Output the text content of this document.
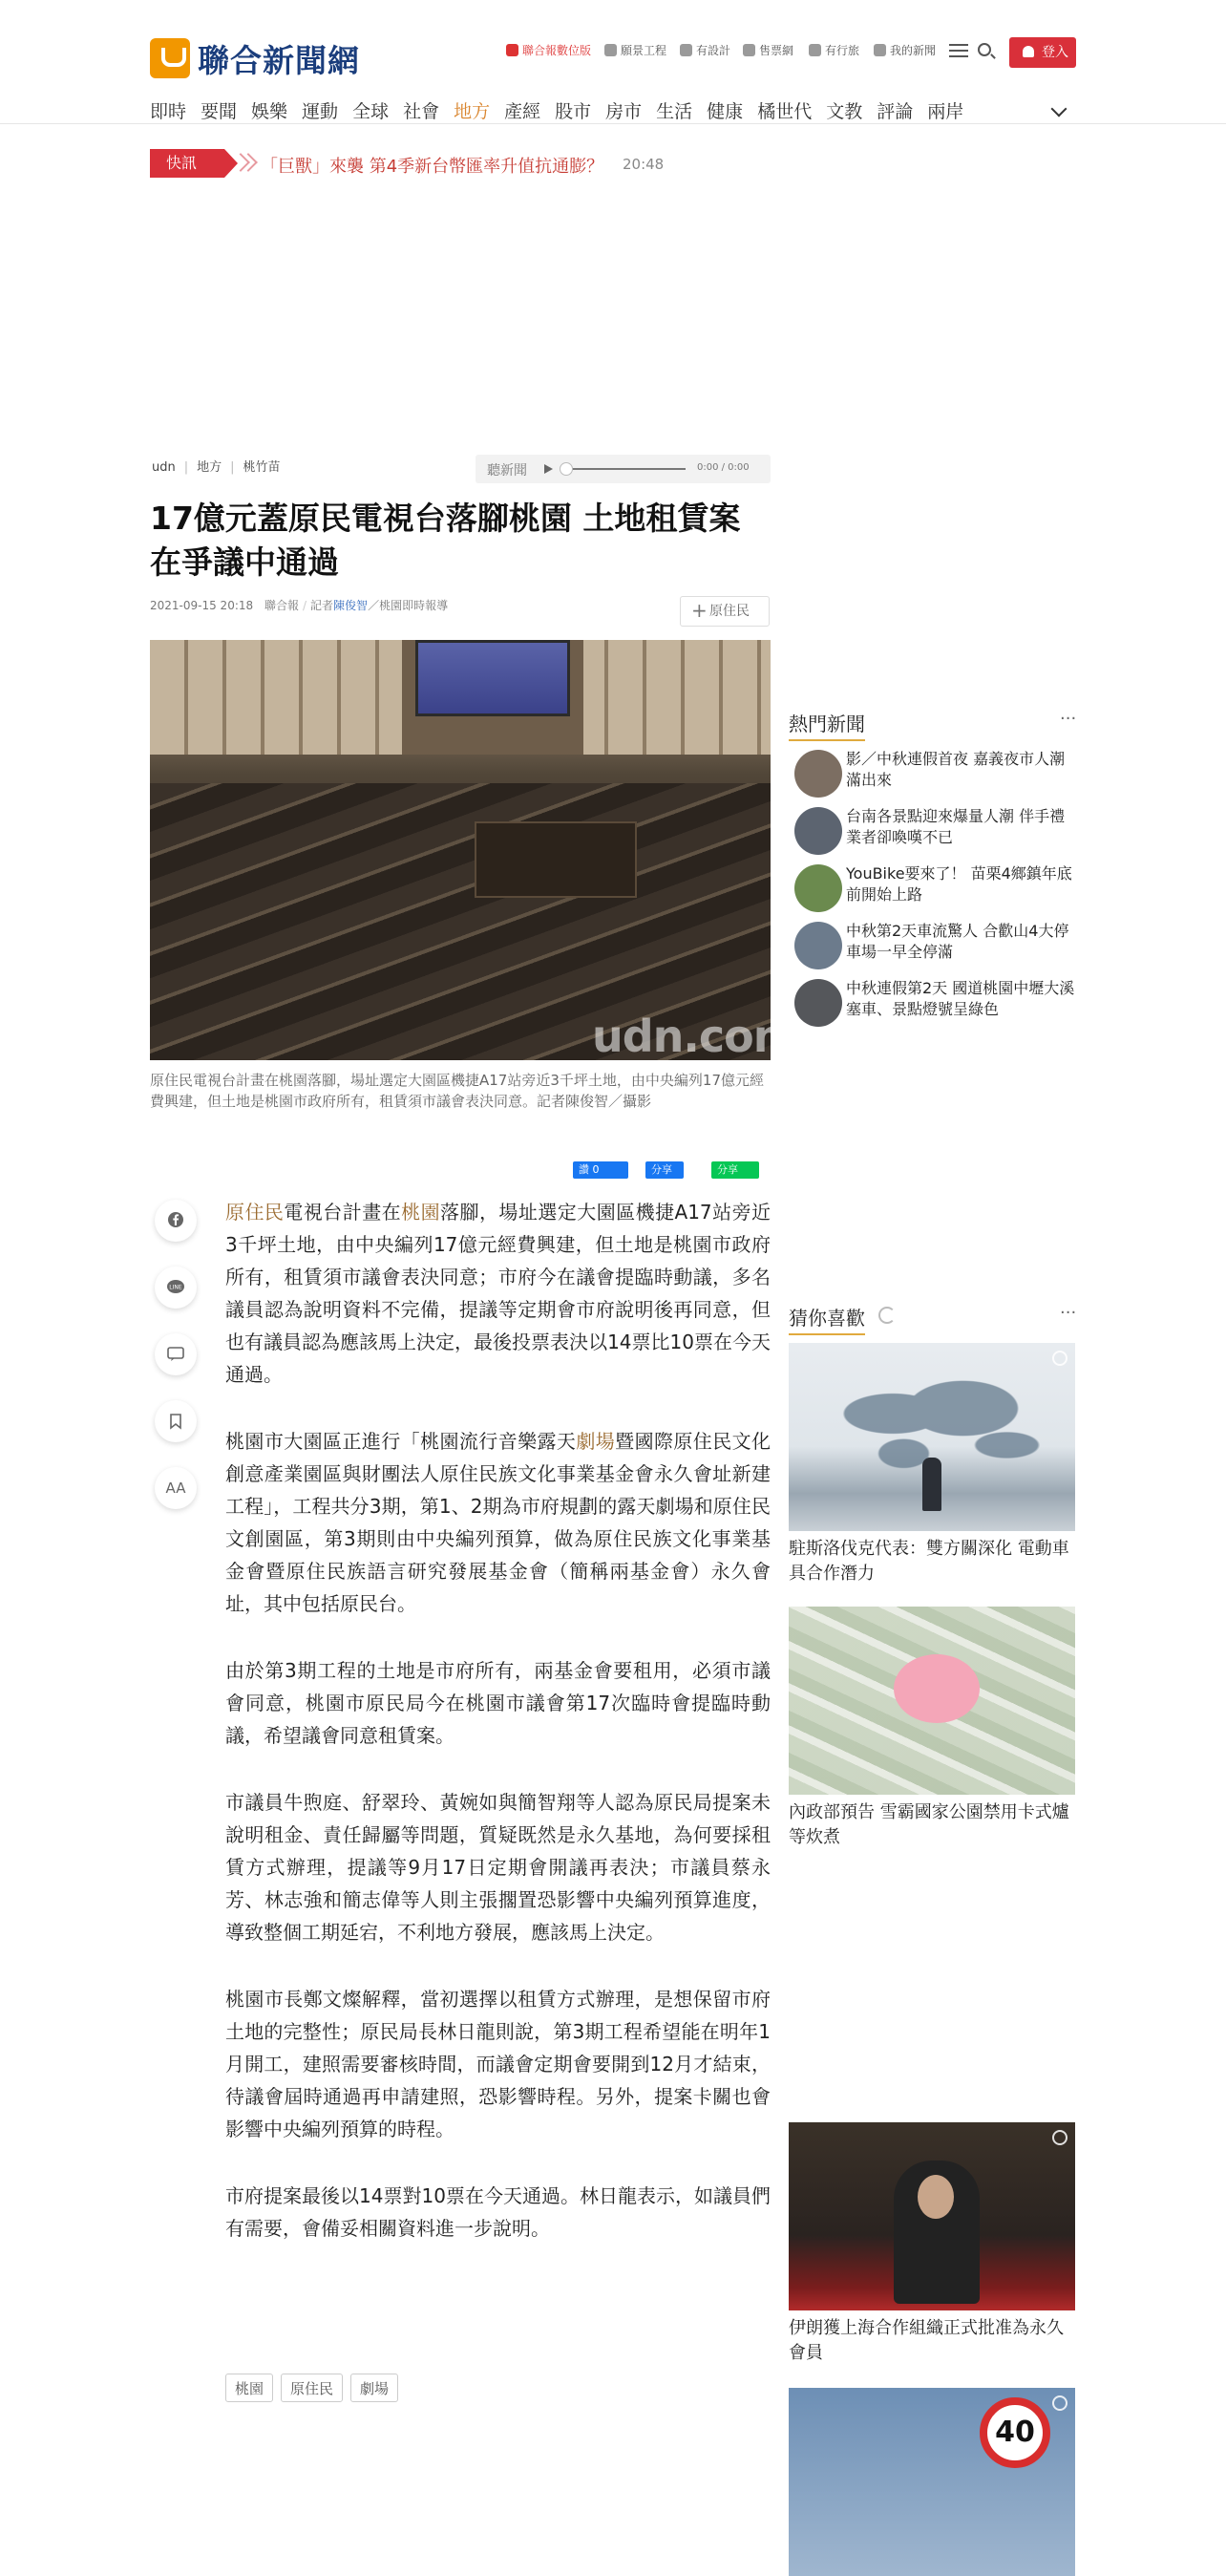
聯合新聞網	聯合報數位版	願景工程	有設計	售票網	有行旅	我的新聞	登入
即時 要聞 娛樂 運動 全球 社會 地方 產經 股市 房市 生活 健康 橘世代 文教 評論 兩岸
快訊	「巨獸」來襲 第4季新台幣匯率升值抗通膨？ 20:48
udn | 地方 | 桃竹苗	聽新聞	0:00 / 0:00
17億元蓋原民電視台落腳桃園 土地租賃案在爭議中通過
2021-09-15 20:18 聯合報 / 記者陳俊智／桃園即時報導
+	原住民
udn.com
原住民電視台計畫在桃園落腳，場址選定大園區機捷A17站旁近3千坪土地，由中央編列17億元經費興建，但土地是桃園市政府所有，租賃須市議會表決同意。記者陳俊智／攝影
讚 0	分享	分享
LINE
AA

原住民電視台計畫在桃園落腳，場址選定大園區機捷A17站旁近3千坪土地，由中央編列17億元經費興建，但土地是桃園市政府所有，租賃須市議會表決同意；市府今在議會提臨時動議，多名議員認為說明資料不完備，提議等定期會市府說明後再同意，但也有議員認為應該馬上決定，最後投票表決以14票比10票在今天通過。

桃園市大園區正進行「桃園流行音樂露天劇場暨國際原住民文化創意產業園區與財團法人原住民族文化事業基金會永久會址新建工程」，工程共分3期，第1、2期為市府規劃的露天劇場和原住民文創園區，第3期則由中央編列預算，做為原住民族文化事業基金會暨原住民族語言研究發展基金會（簡稱兩基金會）永久會址，其中包括原民台。

由於第3期工程的土地是市府所有，兩基金會要租用，必須市議會同意，桃園市原民局今在桃園市議會第17次臨時會提臨時動議，希望議會同意租賃案。

市議員牛煦庭、舒翠玲、黃婉如與簡智翔等人認為原民局提案未說明租金、責任歸屬等問題，質疑既然是永久基地，為何要採租賃方式辦理，提議等9月17日定期會開議再表決；市議員蔡永芳、林志強和簡志偉等人則主張擱置恐影響中央編列預算進度，導致整個工期延宕，不利地方發展，應該馬上決定。

桃園市長鄭文燦解釋，當初選擇以租賃方式辦理，是想保留市府土地的完整性；原民局長林日龍則說，第3期工程希望能在明年1月開工，建照需要審核時間，而議會定期會要開到12月才結束，待議會屆時通過再申請建照，恐影響時程。另外，提案卡關也會影響中央編列預算的時程。

市府提案最後以14票對10票在今天通過。林日龍表示，如議員們有需要，會備妥相關資料進一步說明。

桃園	原住民	劇場
熱門新聞	···
影／中秋連假首夜 嘉義夜市人潮滿出來
台南各景點迎來爆量人潮 伴手禮業者卻喚嘆不已
YouBike要來了！ 苗栗4鄉鎮年底前開始上路
中秋第2天車流驚人 合歡山4大停車場一早全停滿
中秋連假第2天 國道桃園中壢大溪塞車、景點燈號呈綠色
猜你喜歡	···
駐斯洛伐克代表：雙方關深化 電動車具合作潛力
內政部預告 雪霸國家公園禁用卡式爐等炊煮
伊朗獲上海合作組織正式批准為永久會員
40
